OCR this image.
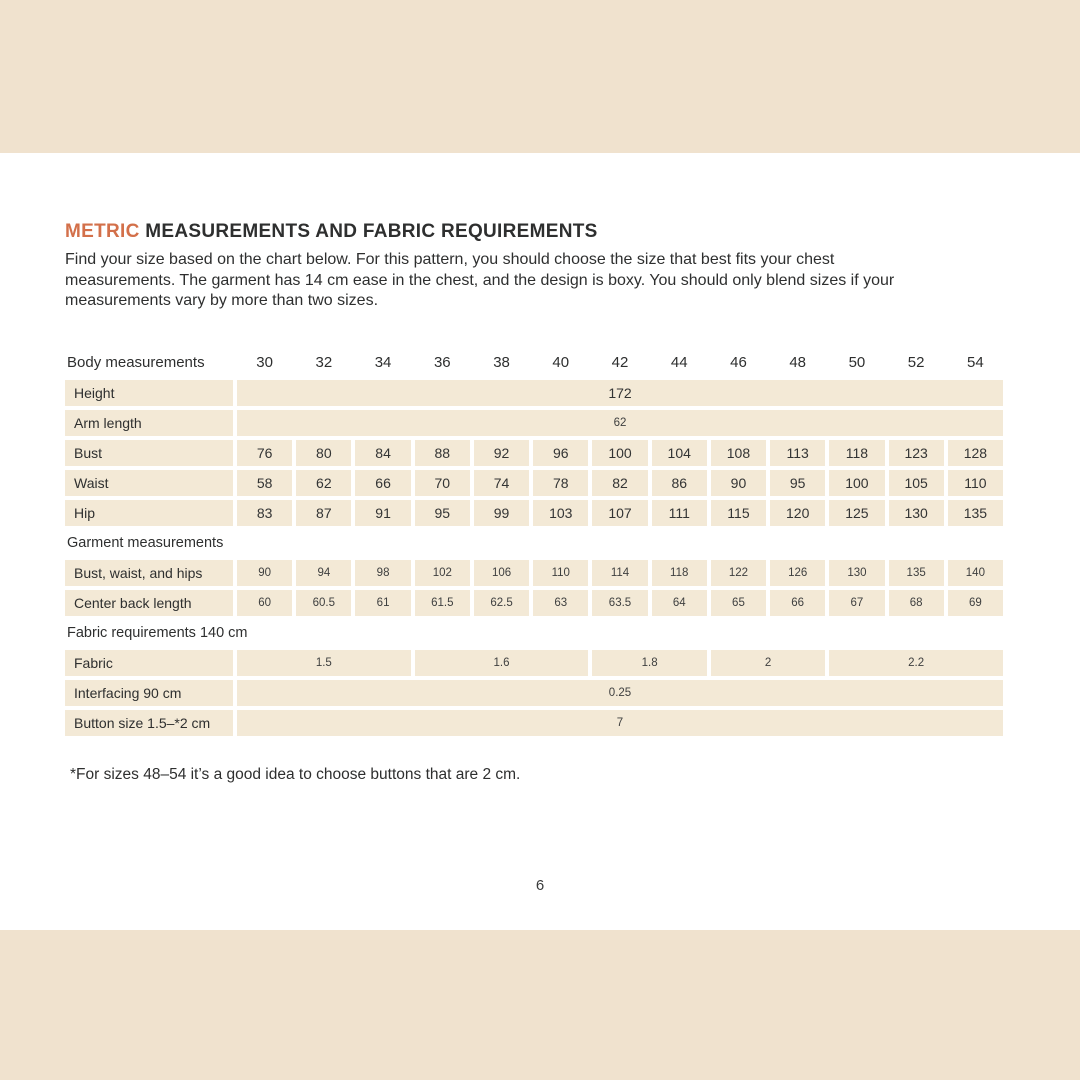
METRIC MEASUREMENTS AND FABRIC REQUIREMENTS
Find your size based on the chart below. For this pattern, you should choose the size that best fits your chest
measurements. The garment has 14 cm ease in the chest, and the design is boxy. You should only blend sizes if your
measurements vary by more than two sizes.
Body measurements	30	32	34	36	38	40	42	44	46	48	50	52	54
Height	172
Arm length	62
Bust	76	80	84	88	92	96	100	104	108	113	118	123	128
Waist	58	62	66	70	74	78	82	86	90	95	100	105	110
Hip	83	87	91	95	99	103	107	111	115	120	125	130	135
Garment measurements
Bust, waist, and hips	90	94	98	102	106	110	114	118	122	126	130	135	140
Center back length	60	60.5	61	61.5	62.5	63	63.5	64	65	66	67	68	69
Fabric requirements 140 cm
Fabric	1.5	1.6	1.8	2	2.2
Interfacing 90 cm	0.25
Button size 1.5–*2 cm	7
*For sizes 48–54 it’s a good idea to choose buttons that are 2 cm.
6
